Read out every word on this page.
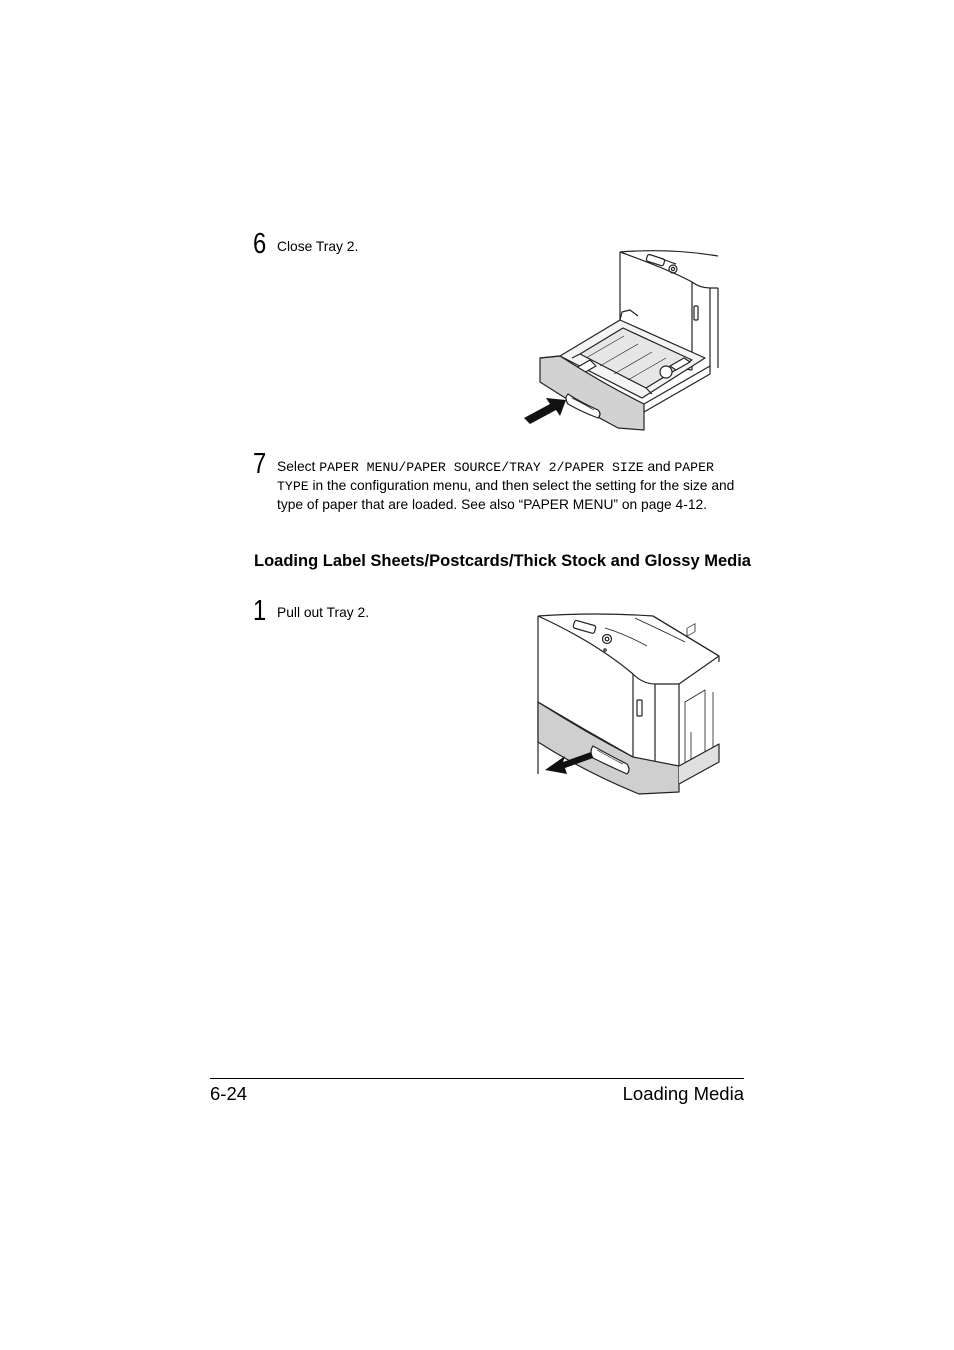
6 Close Tray 2.
7 Select PAPER MENU/PAPER SOURCE/TRAY 2/PAPER SIZE and PAPER TYPE in the configuration menu, and then select the setting for the size and type of paper that are loaded. See also “PAPER MENU” on page 4-12.
Loading Label Sheets/Postcards/Thick Stock and Glossy Media
1 Pull out Tray 2.
6-24	Loading Media
